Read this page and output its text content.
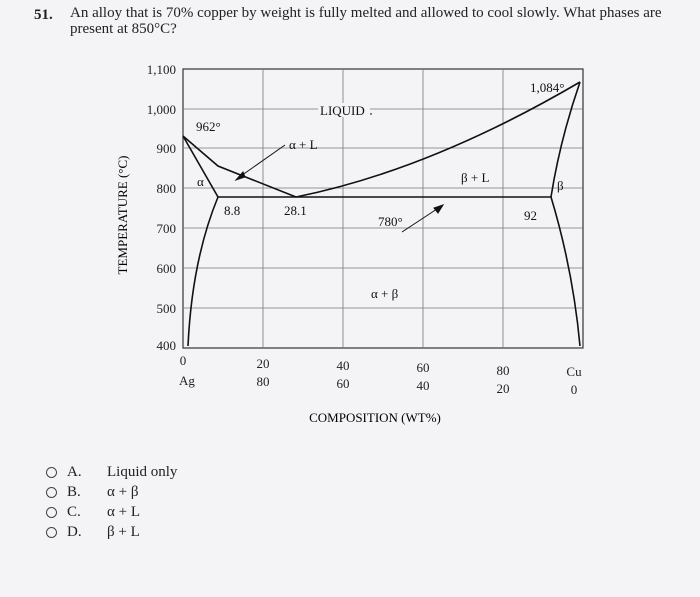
51. An alloy that is 70% copper by weight is fully melted and allowed to cool slowly. What phases are present at 850°C?
1,100
1,000
900
800
700
600
500
400
TEMPERATURE (°C)
0	20	40	60	80
80	60	40	20	0
Ag
Cu
COMPOSITION (WT%)
LIQUID
α + L
β + L
α	β
α + β
962°
1,084°
780°
8.8	28.1	92
A.	Liquid only
B.	α + β
C.	α + L
D.	β + L
